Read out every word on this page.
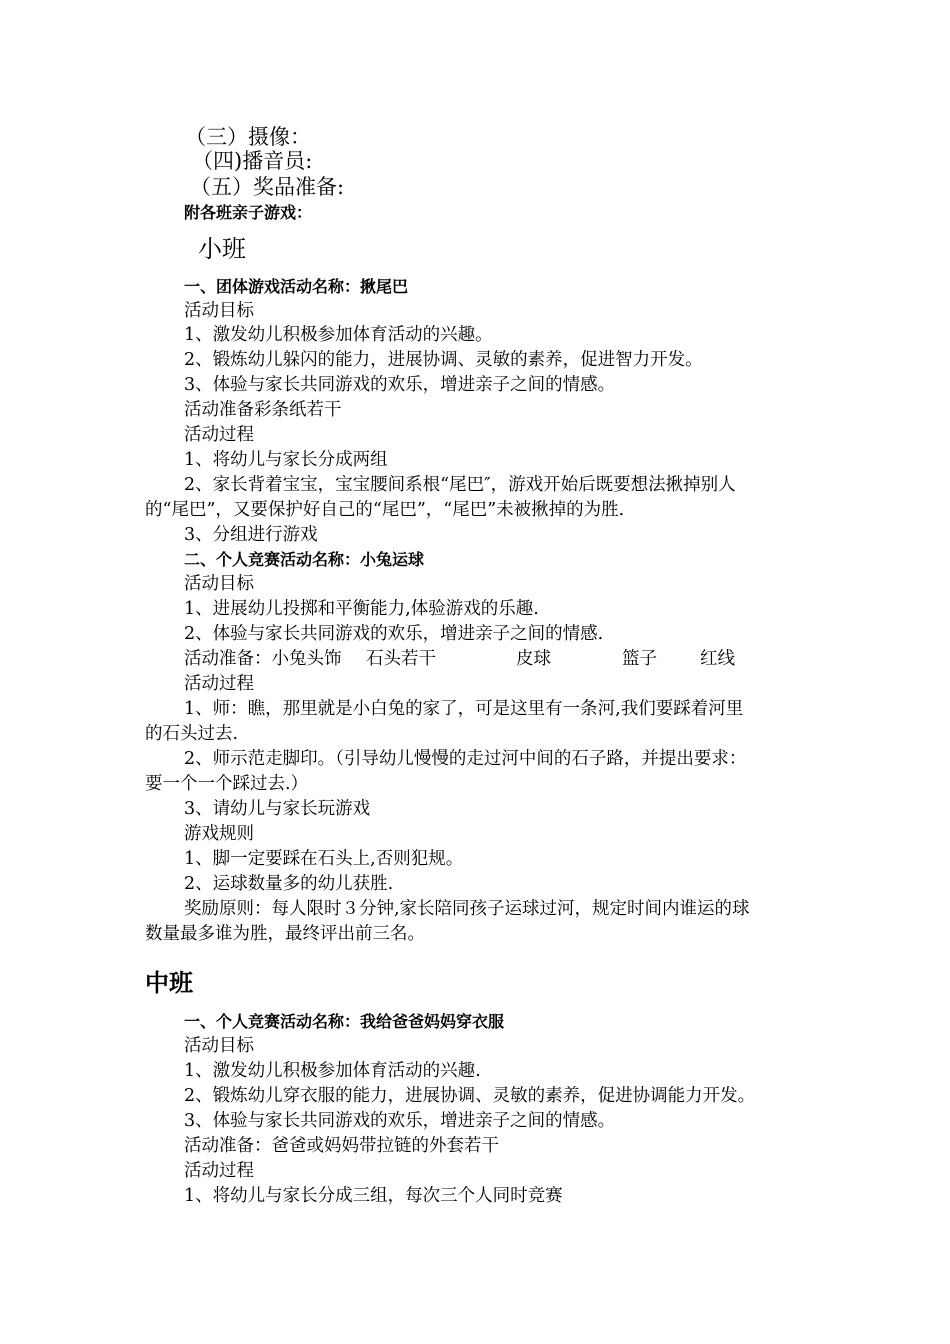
（三）摄像：
（四)播音员:
（五）奖品准备:
附各班亲子游戏：
小班
一、团体游戏活动名称：揪尾巴
活动目标
1、激发幼儿积极参加体育活动的兴趣。
2、锻炼幼儿躲闪的能力，进展协调、灵敏的素养，促进智力开发。
3、体验与家长共同游戏的欢乐，增进亲子之间的情感。
活动准备彩条纸若干
活动过程
1、将幼儿与家长分成两组
2、家长背着宝宝，宝宝腰间系根“尾巴″，游戏开始后既要想法揪掉别人
的“尾巴”，又要保护好自己的“尾巴”，“尾巴”未被揪掉的为胜.
3、分组进行游戏
二、个人竞赛活动名称：小兔运球
活动目标
1、进展幼儿投掷和平衡能力,体验游戏的乐趣.
2、体验与家长共同游戏的欢乐，增进亲子之间的情感.
活动准备：小兔头饰 石头若干	皮球	篮子 红线
活动过程
1、师：瞧，那里就是小白兔的家了，可是这里有一条河,我们要踩着河里
的石头过去.
2、师示范走脚印。（引导幼儿慢慢的走过河中间的石子路，并提出要求：
要一个一个踩过去.）
3、请幼儿与家长玩游戏
游戏规则
1、脚一定要踩在石头上,否则犯规。
2、运球数量多的幼儿获胜.
奖励原则：每人限时３分钟,家长陪同孩子运球过河，规定时间内谁运的球
数量最多谁为胜，最终评出前三名。
中班
一、个人竞赛活动名称：我给爸爸妈妈穿衣服
活动目标
1、激发幼儿积极参加体育活动的兴趣.
2、锻炼幼儿穿衣服的能力，进展协调、灵敏的素养，促进协调能力开发。
3、体验与家长共同游戏的欢乐，增进亲子之间的情感。
活动准备：爸爸或妈妈带拉链的外套若干
活动过程
1、将幼儿与家长分成三组，每次三个人同时竞赛
